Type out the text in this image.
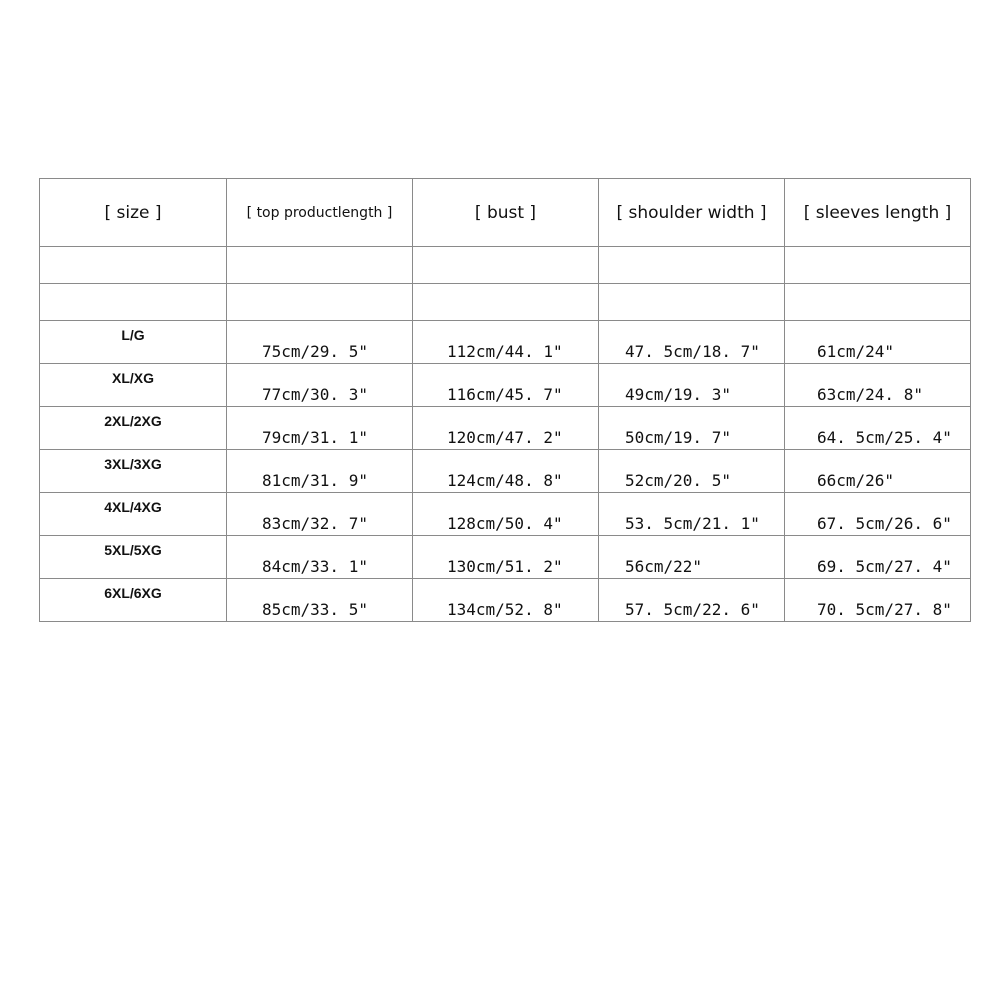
[ size ]	[ top productlength ]	[ bust ]	[ shoulder width ]	[ sleeves length ]

L/G	75cm/29. 5"	112cm/44. 1"	47. 5cm/18. 7"	61cm/24"
XL/XG	77cm/30. 3"	116cm/45. 7"	49cm/19. 3"	63cm/24. 8"
2XL/2XG	79cm/31. 1"	120cm/47. 2"	50cm/19. 7"	64. 5cm/25. 4"
3XL/3XG	81cm/31. 9"	124cm/48. 8"	52cm/20. 5"	66cm/26"
4XL/4XG	83cm/32. 7"	128cm/50. 4"	53. 5cm/21. 1"	67. 5cm/26. 6"
5XL/5XG	84cm/33. 1"	130cm/51. 2"	56cm/22"	69. 5cm/27. 4"
6XL/6XG	85cm/33. 5"	134cm/52. 8"	57. 5cm/22. 6"	70. 5cm/27. 8"
